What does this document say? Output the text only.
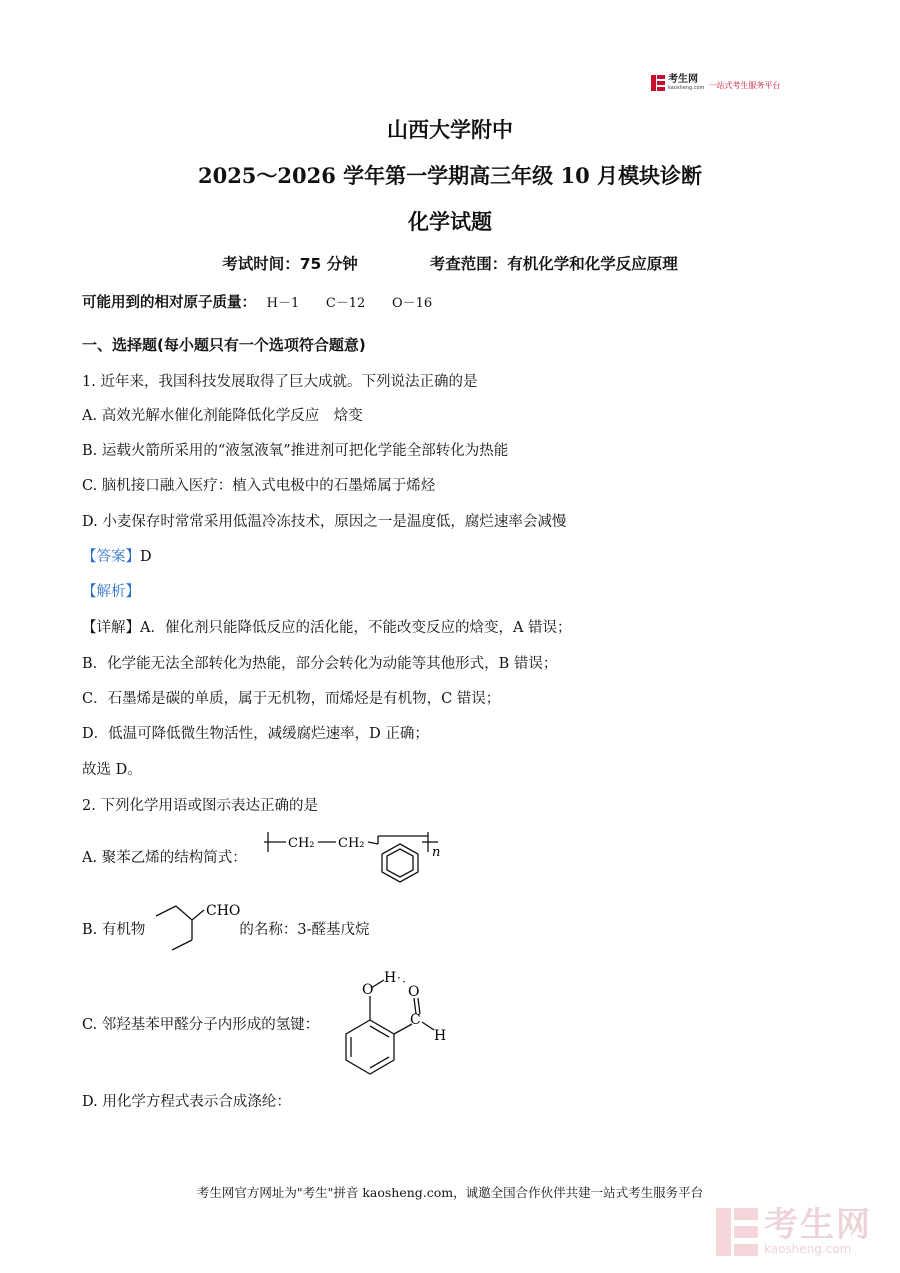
考生网
kaosheng.com 一站式考生服务平台
山西大学附中
2025～2026 学年第一学期高三年级 10 月模块诊断
化学试题
考试时间：75 分钟	考查范围：有机化学和化学反应原理
可能用到的相对原子质量： H－1 C－12 O－16
一、选择题(每小题只有一个选项符合题意)
1. 近年来，我国科技发展取得了巨大成就。下列说法正确的是
A. 高效光解水催化剂能降低化学反应　焓变
B. 运载火箭所采用的“液氢液氧”推进剂可把化学能全部转化为热能
C. 脑机接口融入医疗：植入式电极中的石墨烯属于烯烃
D. 小麦保存时常常采用低温冷冻技术，原因之一是温度低，腐烂速率会减慢
【答案】D
【解析】
【详解】A．催化剂只能降低反应的活化能，不能改变反应的焓变，A 错误；
B．化学能无法全部转化为热能，部分会转化为动能等其他形式，B 错误；
C．石墨烯是碳的单质，属于无机物，而烯烃是有机物，C 错误；
D．低温可降低微生物活性，减缓腐烂速率，D 正确；
故选 D。
2. 下列化学用语或图示表达正确的是
A. 聚苯乙烯的结构简式：
CH₂ CH₂
n
B. 有机物	的名称：3-醛基戊烷
CHO
C. 邻羟基苯甲醛分子内形成的氢键：
O
H · ·
O
C
H
D. 用化学方程式表示合成涤纶：
考生网官方网址为"考生"拼音 kaosheng.com，诚邀全国合作伙伴共建一站式考生服务平台
考生网
kaosheng.com
